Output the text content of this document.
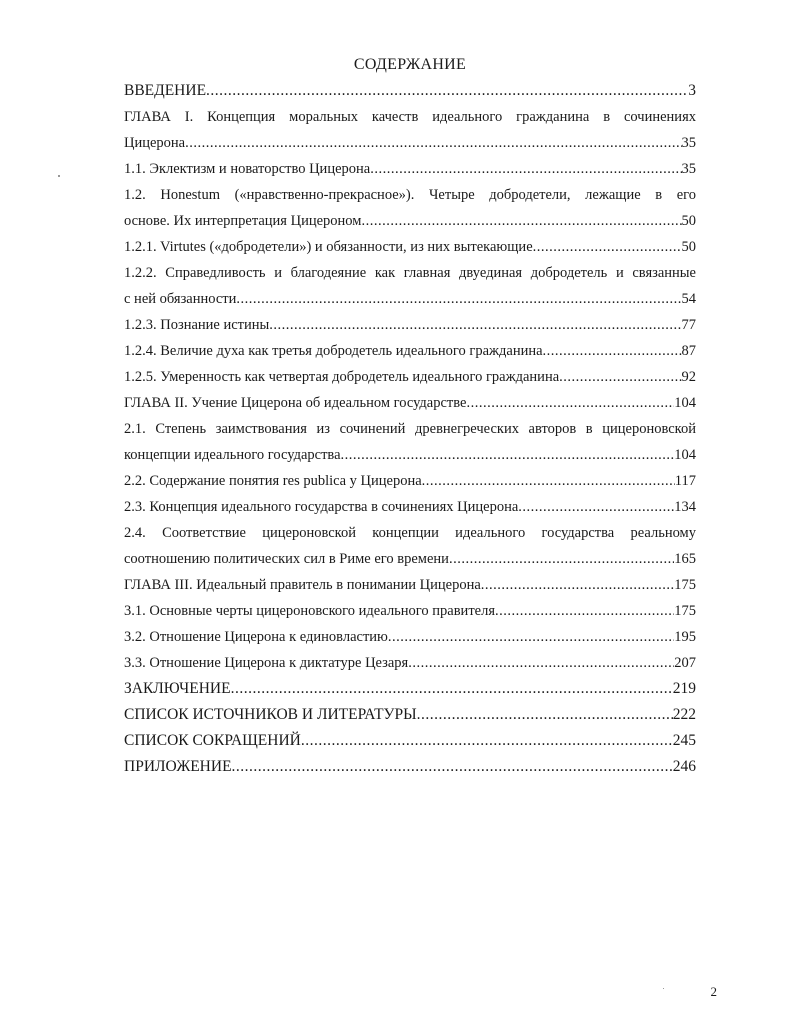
СОДЕРЖАНИЕ
ВВЕДЕНИЕ .....	3
ГЛАВА I. Концепция моральных качеств идеального гражданина в сочинениях
Цицерона .....	35
1.1. Эклектизм и новаторство Цицерона .....	35
1.2. Honestum («нравственно-прекрасное»). Четыре добродетели, лежащие в его
основе. Их интерпретация Цицероном .....	50
1.2.1. Virtutes («добродетели») и обязанности, из них вытекающие .....	50
1.2.2. Справедливость и благодеяние как главная двуединая добродетель и связанные
с ней обязанности .....	54
1.2.3. Познание истины .....	77
1.2.4. Величие духа как третья добродетель идеального гражданина .....	87
1.2.5. Умеренность как четвертая добродетель идеального гражданина .....	92
ГЛАВА II. Учение Цицерона об идеальном государстве .....	104
2.1. Степень заимствования из сочинений древнегреческих авторов в цицероновской
концепции идеального государства .....	104
2.2. Содержание понятия res publica у Цицерона .....	117
2.3. Концепция идеального государства в сочинениях Цицерона .....	134
2.4. Соответствие цицероновской концепции идеального государства реальному
соотношению политических сил в Риме его времени .....	165
ГЛАВА III. Идеальный правитель в понимании Цицерона .....	175
3.1. Основные черты цицероновского идеального правителя .....	175
3.2. Отношение Цицерона к единовластию .....	195
3.3. Отношение Цицерона к диктатуре Цезаря .....	207
ЗАКЛЮЧЕНИЕ .....	219
СПИСОК ИСТОЧНИКОВ И ЛИТЕРАТУРЫ .....	222
СПИСОК СОКРАЩЕНИЙ .....	245
ПРИЛОЖЕНИЕ .....	246
2
